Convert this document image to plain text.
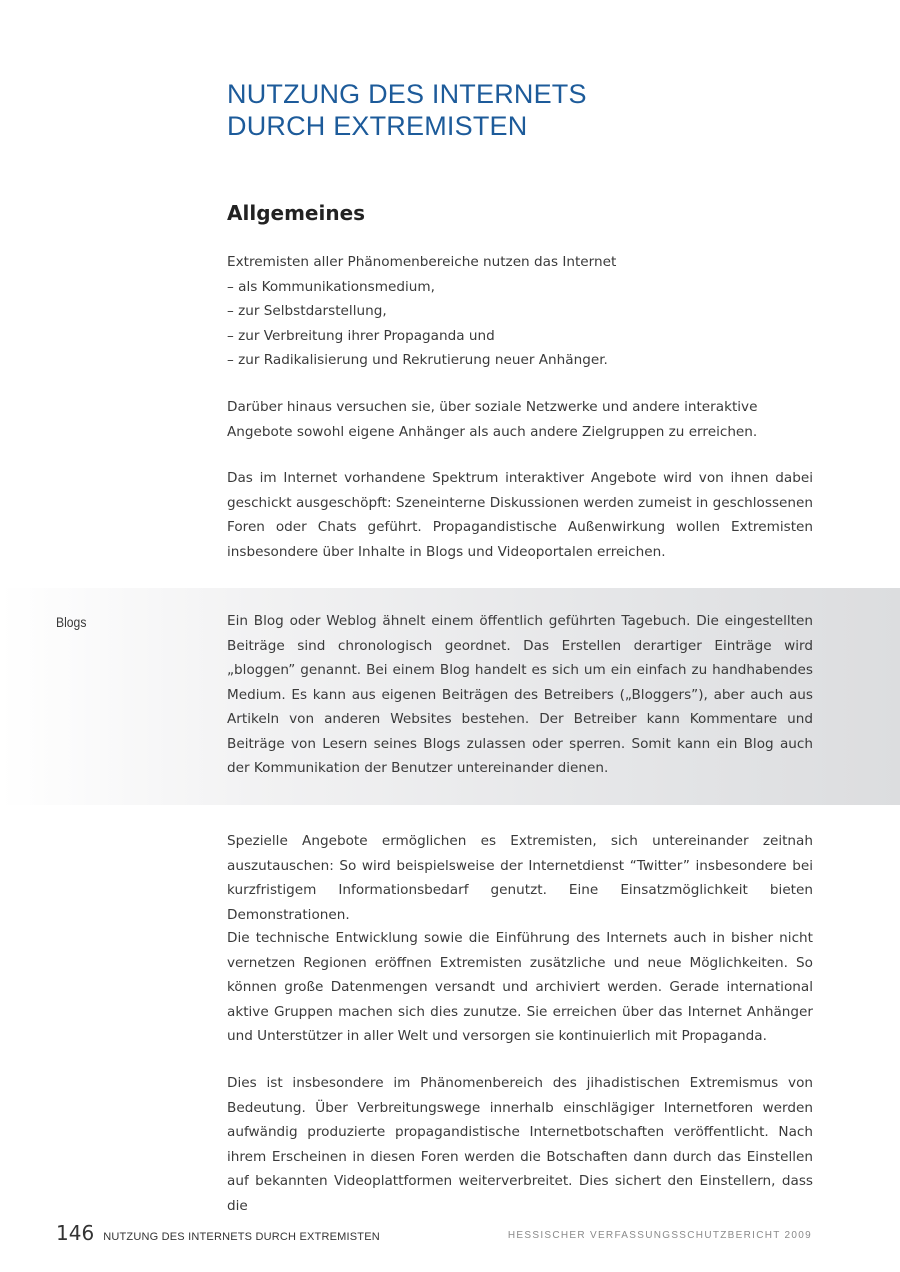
NUTZUNG DES INTERNETS
DURCH EXTREMISTEN
Allgemeines

Extremisten aller Phänomenbereiche nutzen das Internet

– als Kommunikationsmedium,

– zur Selbstdarstellung,

– zur Verbreitung ihrer Propaganda und

– zur Radikalisierung und Rekrutierung neuer Anhänger.

Darüber hinaus versuchen sie, über soziale Netzwerke und andere interaktive Angebote sowohl eigene Anhänger als auch andere Zielgruppen zu erreichen.

Das im Internet vorhandene Spektrum interaktiver Angebote wird von ihnen dabei geschickt ausgeschöpft: Szeneinterne Diskussionen werden zumeist in geschlossenen Foren oder Chats geführt. Propagandistische Außenwirkung wollen Extremisten insbesondere über Inhalte in Blogs und Videoportalen erreichen.

Blogs	Ein Blog oder Weblog ähnelt einem öffentlich geführten Tagebuch. Die eingestellten Beiträge sind chronologisch geordnet. Das Erstellen derartiger Einträge wird „bloggen” genannt. Bei einem Blog handelt es sich um ein einfach zu handhabendes Medium. Es kann aus eigenen Beiträgen des Betreibers („Bloggers”), aber auch aus Artikeln von anderen Websites bestehen. Der Betreiber kann Kommentare und Beiträge von Lesern seines Blogs zulassen oder sperren. Somit kann ein Blog auch der Kommunikation der Benutzer untereinander dienen.

Spezielle Angebote ermöglichen es Extremisten, sich untereinander zeitnah auszutauschen: So wird beispielsweise der Internetdienst “Twitter” insbesondere bei kurzfristigem Informationsbedarf genutzt. Eine Einsatzmöglichkeit bieten Demonstrationen.

Die technische Entwicklung sowie die Einführung des Internets auch in bisher nicht vernetzen Regionen eröffnen Extremisten zusätzliche und neue Möglichkeiten. So können große Datenmengen versandt und archiviert werden. Gerade international aktive Gruppen machen sich dies zunutze. Sie erreichen über das Internet Anhänger und Unterstützer in aller Welt und versorgen sie kontinuierlich mit Propaganda.

Dies ist insbesondere im Phänomenbereich des jihadistischen Extremismus von Bedeutung. Über Verbreitungswege innerhalb einschlägiger Internetforen werden aufwändig produzierte propagandistische Internetbotschaften veröffentlicht. Nach ihrem Erscheinen in diesen Foren werden die Botschaften dann durch das Einstellen auf bekannten Videoplattformen weiterverbreitet. Dies sichert den Einstellern, dass die

146 NUTZUNG DES INTERNETS DURCH EXTREMISTEN	HESSISCHER VERFASSUNGSSCHUTZBERICHT 2009
